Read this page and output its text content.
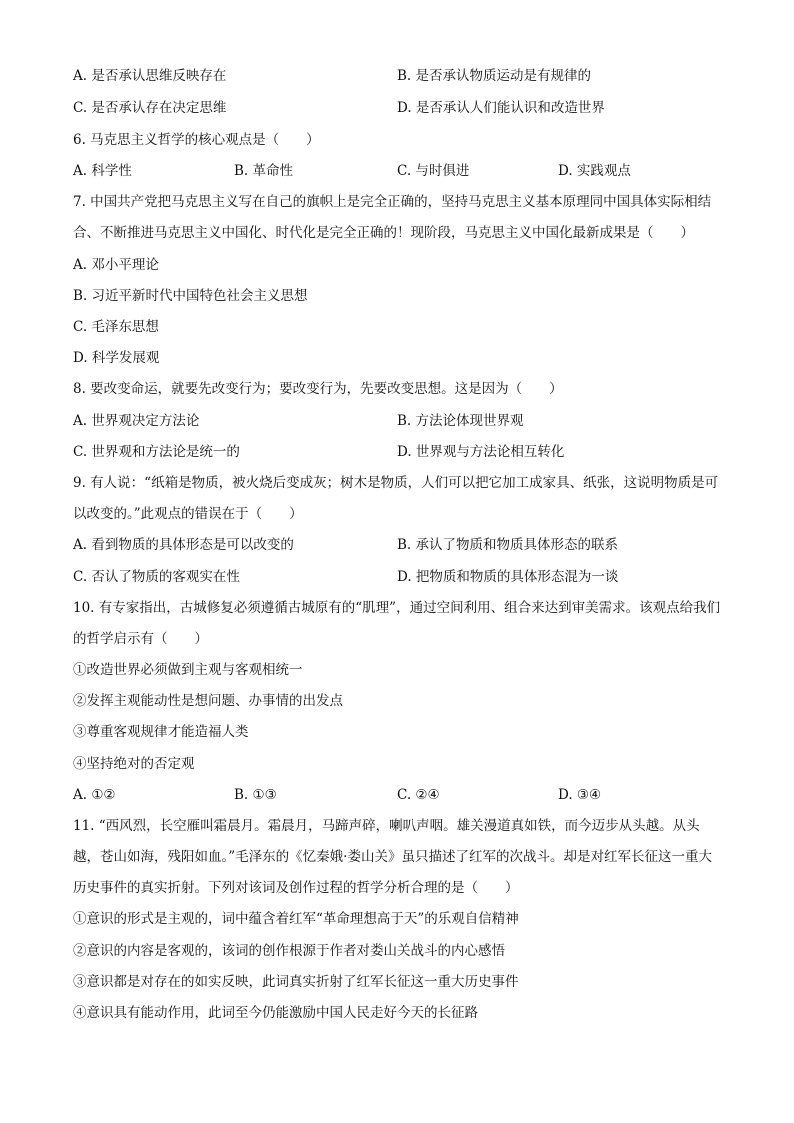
A. 是否承认思维反映存在	B. 是否承认物质运动是有规律的
C. 是否承认存在决定思维	D. 是否承认人们能认识和改造世界
6. 马克思主义哲学的核心观点是（　　）
A. 科学性	B. 革命性	C. 与时俱进	D. 实践观点
7. 中国共产党把马克思主义写在自己的旗帜上是完全正确的，坚持马克思主义基本原理同中国具体实际相结合、不断推进马克思主义中国化、时代化是完全正确的！现阶段，马克思主义中国化最新成果是（　　）
A. 邓小平理论
B. 习近平新时代中国特色社会主义思想
C. 毛泽东思想
D. 科学发展观
8. 要改变命运，就要先改变行为；要改变行为，先要改变思想。这是因为（　　）
A. 世界观决定方法论	B. 方法论体现世界观
C. 世界观和方法论是统一的	D. 世界观与方法论相互转化
9. 有人说：“纸箱是物质，被火烧后变成灰；树木是物质，人们可以把它加工成家具、纸张，这说明物质是可以改变的。”此观点的错误在于（　　）
A. 看到物质的具体形态是可以改变的	B. 承认了物质和物质具体形态的联系
C. 否认了物质的客观实在性	D. 把物质和物质的具体形态混为一谈
10. 有专家指出，古城修复必须遵循古城原有的“肌理”，通过空间利用、组合来达到审美需求。该观点给我们的哲学启示有（　　）
①改造世界必须做到主观与客观相统一
②发挥主观能动性是想问题、办事情的出发点
③尊重客观规律才能造福人类
④坚持绝对的否定观
A. ①②	B. ①③	C. ②④	D. ③④
11. “西风烈，长空雁叫霜晨月。霜晨月，马蹄声碎，喇叭声咽。雄关漫道真如铁，而今迈步从头越。从头越，苍山如海，残阳如血。”毛泽东的《忆秦娥·娄山关》虽只描述了红军的次战斗。却是对红军长征这一重大历史事件的真实折射。下列对该词及创作过程的哲学分析合理的是（　　）
①意识的形式是主观的，词中蕴含着红军“革命理想高于天”的乐观自信精神
②意识的内容是客观的，该词的创作根源于作者对娄山关战斗的内心感悟
③意识都是对存在的如实反映，此词真实折射了红军长征这一重大历史事件
④意识具有能动作用，此词至今仍能激励中国人民走好今天的长征路
